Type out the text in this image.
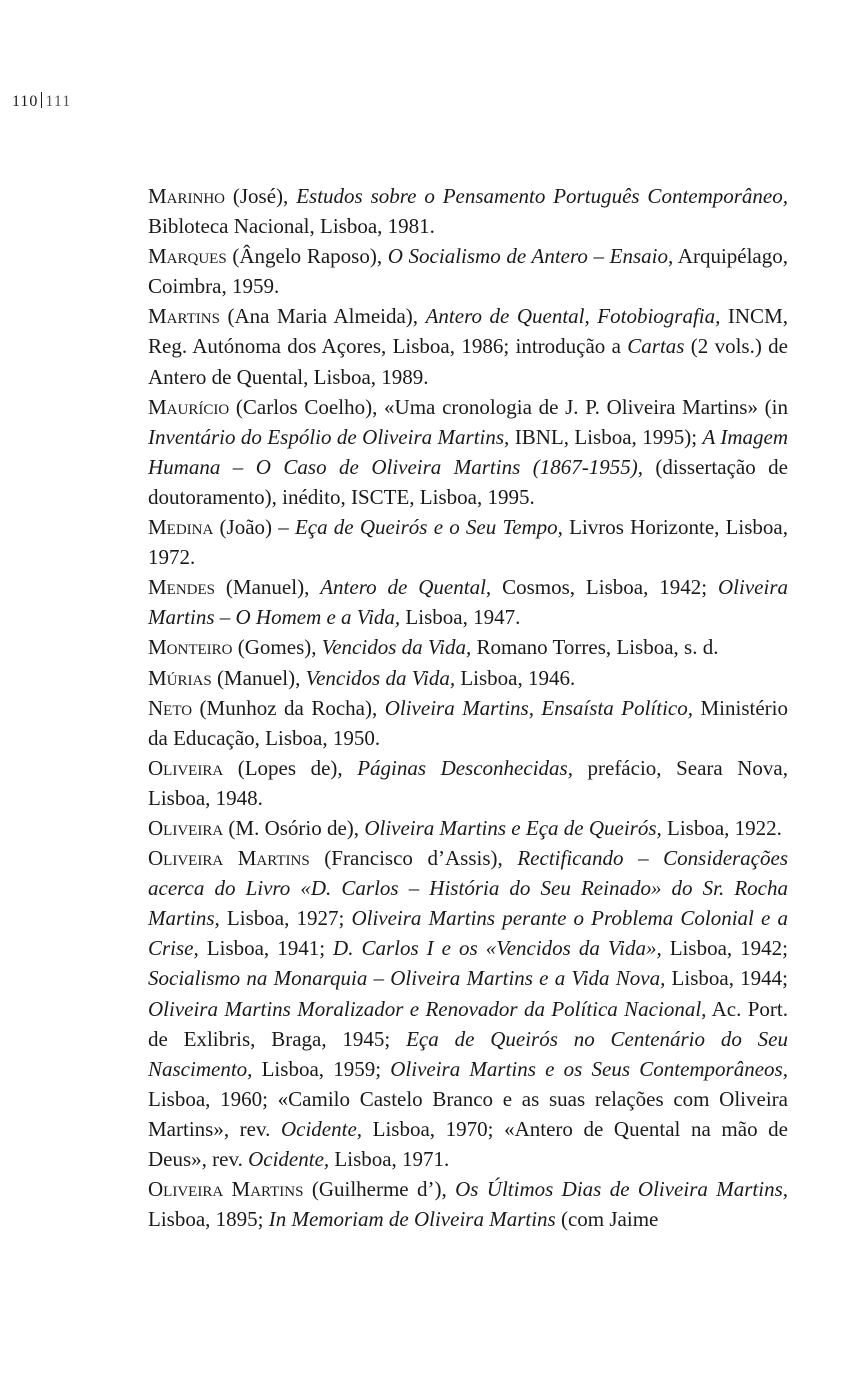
110 111

Marinho (José), Estudos sobre o Pensamento Português Contemporâneo, Bibloteca Nacional, Lisboa, 1981.

Marques (Ângelo Raposo), O Socialismo de Antero – Ensaio, Arquipélago, Coimbra, 1959.

Martins (Ana Maria Almeida), Antero de Quental, Fotobiografia, INCM, Reg. Autónoma dos Açores, Lisboa, 1986; introdução a Cartas (2 vols.) de Antero de Quental, Lisboa, 1989.

Maurício (Carlos Coelho), «Uma cronologia de J. P. Oliveira Martins» (in Inventário do Espólio de Oliveira Martins, IBNL, Lisboa, 1995); A Imagem Humana – O Caso de Oliveira Martins (1867-1955), (dissertação de doutoramento), inédito, ISCTE, Lisboa, 1995.

Medina (João) – Eça de Queirós e o Seu Tempo, Livros Horizonte, Lisboa, 1972.

Mendes (Manuel), Antero de Quental, Cosmos, Lisboa, 1942; Oliveira Martins – O Homem e a Vida, Lisboa, 1947.

Monteiro (Gomes), Vencidos da Vida, Romano Torres, Lisboa, s. d.

Múrias (Manuel), Vencidos da Vida, Lisboa, 1946.

Neto (Munhoz da Rocha), Oliveira Martins, Ensaísta Político, Ministério da Educação, Lisboa, 1950.

Oliveira (Lopes de), Páginas Desconhecidas, prefácio, Seara Nova, Lisboa, 1948.

Oliveira (M. Osório de), Oliveira Martins e Eça de Queirós, Lisboa, 1922.

Oliveira Martins (Francisco d’Assis), Rectificando – Considerações acerca do Livro «D. Carlos – História do Seu Reinado» do Sr. Rocha Martins, Lisboa, 1927; Oliveira Martins perante o Problema Colonial e a Crise, Lisboa, 1941; D. Carlos I e os «Vencidos da Vida», Lisboa, 1942; Socialismo na Monarquia – Oliveira Martins e a Vida Nova, Lisboa, 1944; Oliveira Martins Moralizador e Renovador da Política Nacional, Ac. Port. de Exlibris, Braga, 1945; Eça de Queirós no Centenário do Seu Nascimento, Lisboa, 1959; Oliveira Martins e os Seus Contemporâneos, Lisboa, 1960; «Camilo Castelo Branco e as suas relações com Oliveira Martins», rev. Ocidente, Lisboa, 1970; «Antero de Quental na mão de Deus», rev. Ocidente, Lisboa, 1971.

Oliveira Martins (Guilherme d’), Os Últimos Dias de Oliveira Martins, Lisboa, 1895; In Memoriam de Oliveira Martins (com Jaime
